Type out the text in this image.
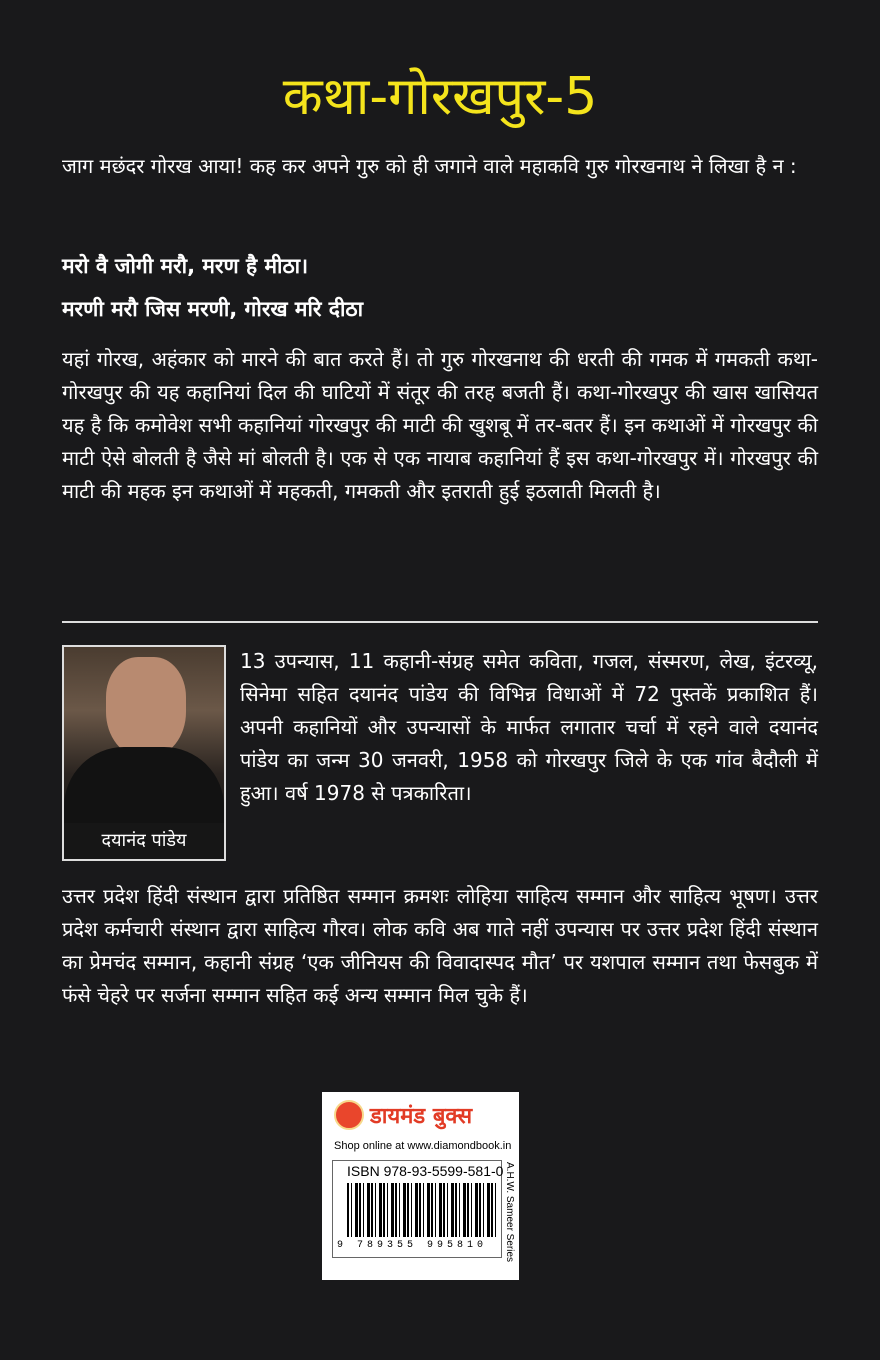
कथा-गोरखपुर-5
जाग मछंदर गोरख आया! कह कर अपने गुरु को ही जगाने वाले महाकवि गुरु गोरखनाथ ने लिखा है न :
मरो वै जोगी मरौ, मरण है मीठा।
मरणी मरौ जिस मरणी, गोरख मरि दीठा
यहां गोरख, अहंकार को मारने की बात करते हैं। तो गुरु गोरखनाथ की धरती की गमक में गमकती कथा-गोरखपुर की यह कहानियां दिल की घाटियों में संतूर की तरह बजती हैं। कथा-गोरखपुर की खास खासियत यह है कि कमोवेश सभी कहानियां गोरखपुर की माटी की खुशबू में तर-बतर हैं। इन कथाओं में गोरखपुर की माटी ऐसे बोलती है जैसे मां बोलती है। एक से एक नायाब कहानियां हैं इस कथा-गोरखपुर में। गोरखपुर की माटी की महक इन कथाओं में महकती, गमकती और इतराती हुई इठलाती मिलती है।
दयानंद पांडेय
13 उपन्यास, 11 कहानी-संग्रह समेत कविता, गजल, संस्मरण, लेख, इंटरव्यू, सिनेमा सहित दयानंद पांडेय की विभिन्न विधाओं में 72 पुस्तकें प्रकाशित हैं। अपनी कहानियों और उपन्यासों के मार्फत लगातार चर्चा में रहने वाले दयानंद पांडेय का जन्म 30 जनवरी, 1958 को गोरखपुर जिले के एक गांव बैदौली में हुआ। वर्ष 1978 से पत्रकारिता।
उत्तर प्रदेश हिंदी संस्थान द्वारा प्रतिष्ठित सम्मान क्रमशः लोहिया साहित्य सम्मान और साहित्य भूषण। उत्तर प्रदेश कर्मचारी संस्थान द्वारा साहित्य गौरव। लोक कवि अब गाते नहीं उपन्यास पर उत्तर प्रदेश हिंदी संस्थान का प्रेमचंद सम्मान, कहानी संग्रह ‘एक जीनियस की विवादास्पद मौत’ पर यशपाल सम्मान तथा फेसबुक में फंसे चेहरे पर सर्जना सम्मान सहित कई अन्य सम्मान मिल चुके हैं।
डायमंड बुक्स
Shop online at www.diamondbook.in
ISBN 978-93-5599-581-0
9 789355 995810	A.H.W. Sameer Series
